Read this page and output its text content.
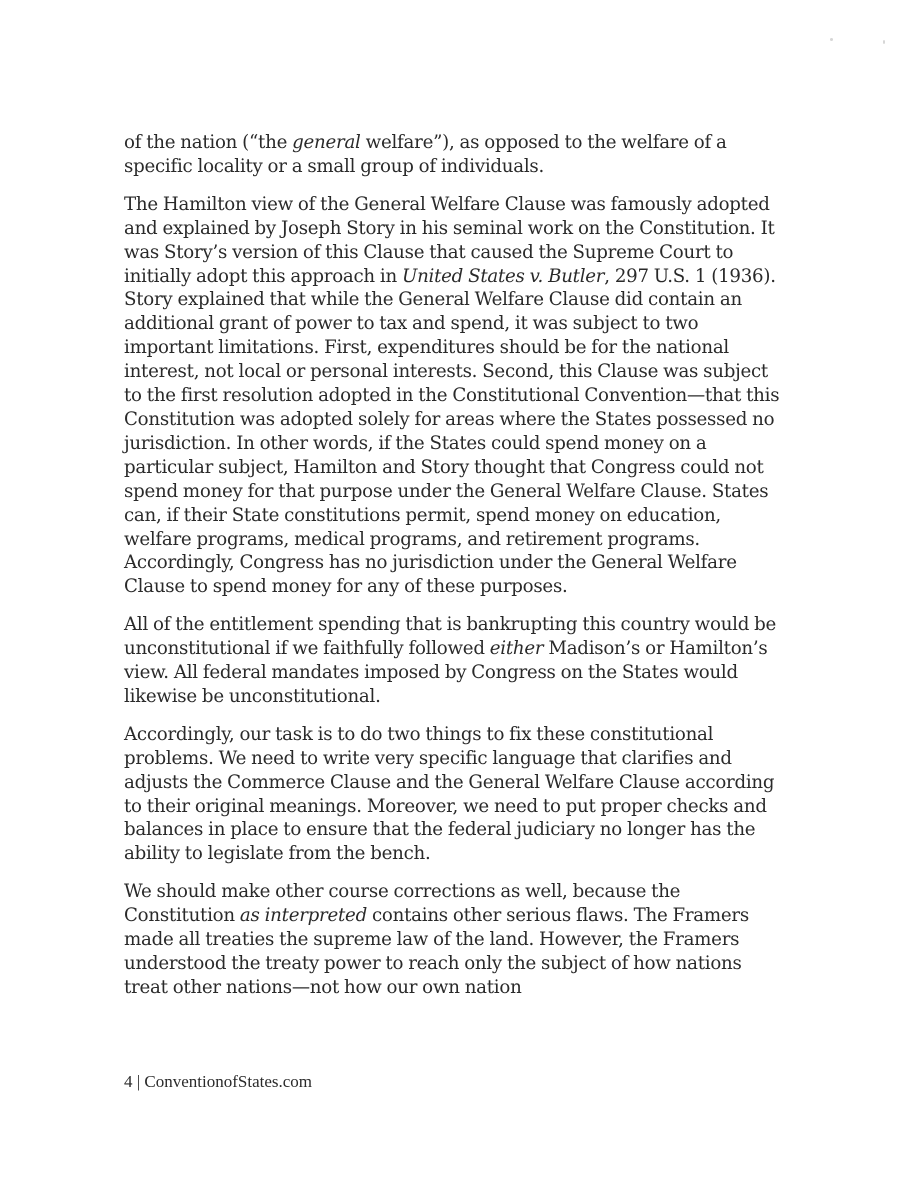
of the nation (“the general welfare”), as opposed to the welfare of a specific locality or a small group of individuals.

The Hamilton view of the General Welfare Clause was famously adopted and explained by Joseph Story in his seminal work on the Constitution. It was Story’s version of this Clause that caused the Supreme Court to initially adopt this approach in United States v. Butler, 297 U.S. 1 (1936). Story explained that while the General Welfare Clause did contain an additional grant of power to tax and spend, it was subject to two important limitations. First, expenditures should be for the national interest, not local or personal interests. Second, this Clause was subject to the first resolution adopted in the Constitutional Convention—that this Constitution was adopted solely for areas where the States possessed no jurisdiction. In other words, if the States could spend money on a particular subject, Hamilton and Story thought that Congress could not spend money for that purpose under the General Welfare Clause. States can, if their State constitutions permit, spend money on education, welfare programs, medical programs, and retirement programs. Accordingly, Congress has no jurisdiction under the General Welfare Clause to spend money for any of these purposes.

All of the entitlement spending that is bankrupting this country would be unconstitutional if we faithfully followed either Madison’s or Hamilton’s view. All federal mandates imposed by Congress on the States would likewise be unconstitutional.

Accordingly, our task is to do two things to fix these constitutional problems. We need to write very specific language that clarifies and adjusts the Commerce Clause and the General Welfare Clause according to their original meanings. Moreover, we need to put proper checks and balances in place to ensure that the federal judiciary no longer has the ability to legislate from the bench.

We should make other course corrections as well, because the Constitution as interpreted contains other serious flaws. The Framers made all treaties the supreme law of the land. However, the Framers understood the treaty power to reach only the subject of how nations treat other nations—not how our own nation

4 | ConventionofStates.com
